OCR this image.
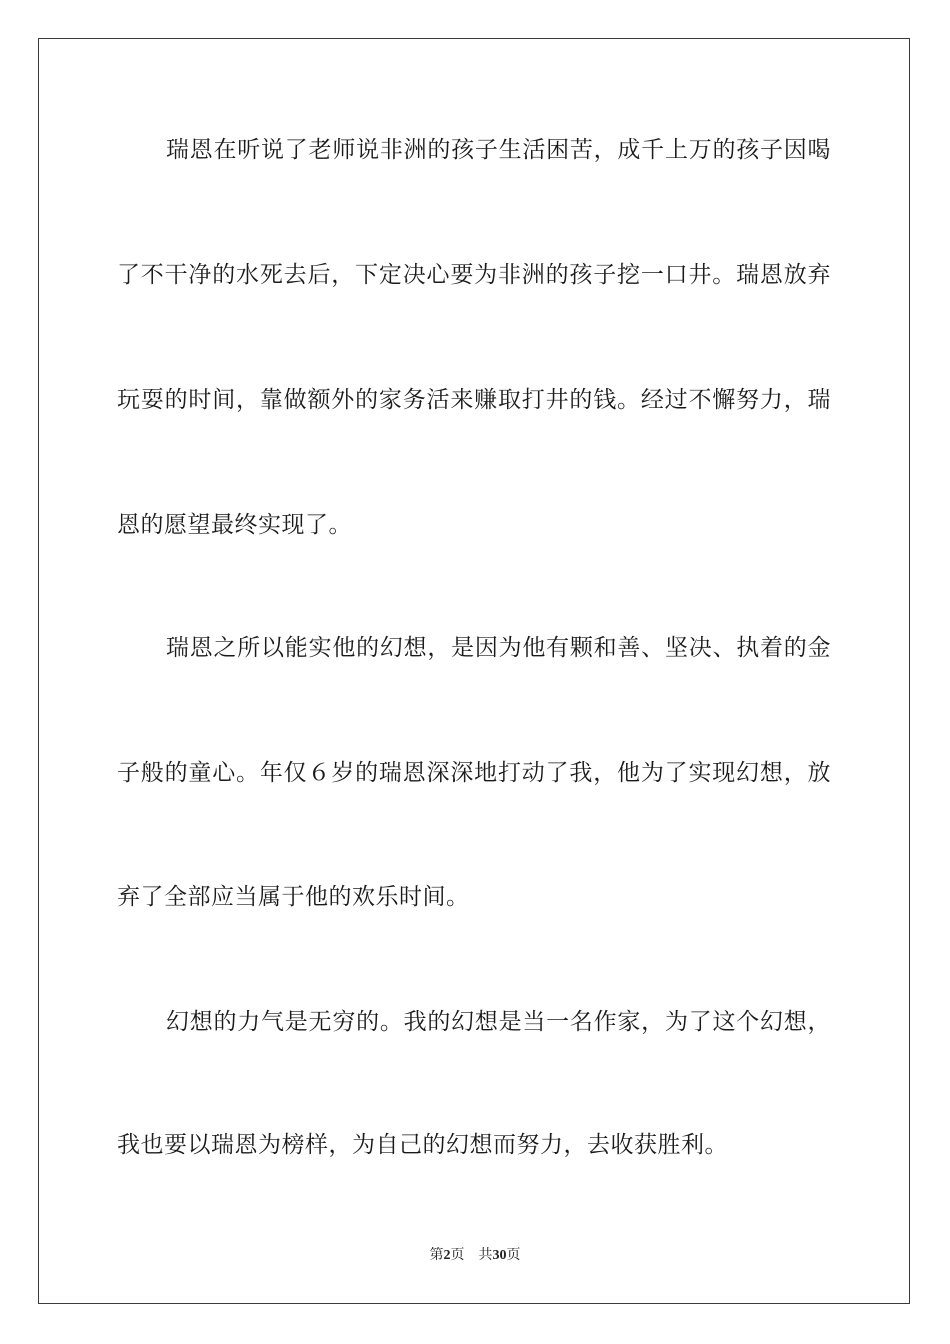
瑞恩在听说了老师说非洲的孩子生活困苦，成千上万的孩子因喝
了不干净的水死去后，下定决心要为非洲的孩子挖一口井。瑞恩放弃
玩耍的时间，靠做额外的家务活来赚取打井的钱。经过不懈努力，瑞
恩的愿望最终实现了。
瑞恩之所以能实他的幻想，是因为他有颗和善、坚决、执着的金
子般的童心。年仅６岁的瑞恩深深地打动了我，他为了实现幻想，放
弃了全部应当属于他的欢乐时间。
幻想的力气是无穷的。我的幻想是当一名作家，为了这个幻想，
我也要以瑞恩为榜样，为自己的幻想而努力，去收获胜利。
第2页 共30页
